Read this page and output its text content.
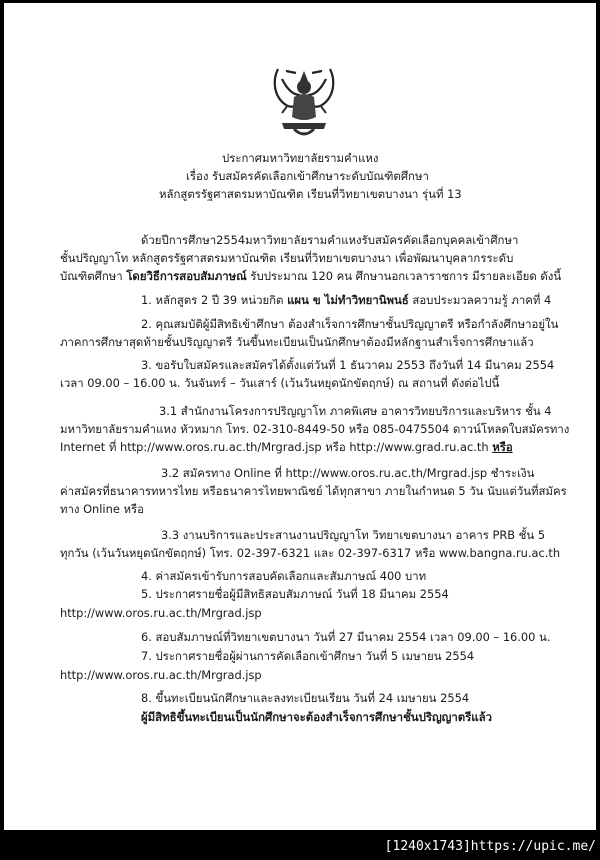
ประกาศมหาวิทยาลัยรามคำแหง
เรื่อง รับสมัครคัดเลือกเข้าศึกษาระดับบัณฑิตศึกษา
หลักสูตรรัฐศาสตรมหาบัณฑิต เรียนที่วิทยาเขตบางนา รุ่นที่ 13
ด้วยปีการศึกษา2554มหาวิทยาลัยรามคำแหงรับสมัครคัดเลือกบุคคลเข้าศึกษา
ชั้นปริญญาโท หลักสูตรรัฐศาสตรมหาบัณฑิต เรียนที่วิทยาเขตบางนา เพื่อพัฒนาบุคลากรระดับ
บัณฑิตศึกษา โดยวิธีการสอบสัมภาษณ์ รับประมาณ 120 คน ศึกษานอกเวลาราชการ มีรายละเอียด ดังนี้
1. หลักสูตร 2 ปี 39 หน่วยกิต แผน ข ไม่ทำวิทยานิพนธ์ สอบประมวลความรู้ ภาคที่ 4
2. คุณสมบัติผู้มีสิทธิเข้าศึกษา ต้องสำเร็จการศึกษาชั้นปริญญาตรี หรือกำลังศึกษาอยู่ใน
ภาคการศึกษาสุดท้ายชั้นปริญญาตรี วันขึ้นทะเบียนเป็นนักศึกษาต้องมีหลักฐานสำเร็จการศึกษาแล้ว
3. ขอรับใบสมัครและสมัครได้ตั้งแต่วันที่ 1 ธันวาคม 2553 ถึงวันที่ 14 มีนาคม 2554
เวลา 09.00 – 16.00 น. วันจันทร์ – วันเสาร์ (เว้นวันหยุดนักขัตฤกษ์) ณ สถานที่ ดังต่อไปนี้
3.1 สำนักงานโครงการปริญญาโท ภาคพิเศษ อาคารวิทยบริการและบริหาร ชั้น 4
มหาวิทยาลัยรามคำแหง หัวหมาก โทร. 02-310-8449-50 หรือ 085-0475504 ดาวน์โหลดใบสมัครทาง
Internet ที่ http://www.oros.ru.ac.th/Mrgrad.jsp หรือ http://www.grad.ru.ac.th หรือ
3.2 สมัครทาง Online ที่ http://www.oros.ru.ac.th/Mrgrad.jsp ชำระเงิน
ค่าสมัครที่ธนาคารทหารไทย หรือธนาคารไทยพาณิชย์ ได้ทุกสาขา ภายในกำหนด 5 วัน นับแต่วันที่สมัคร
ทาง Online หรือ
3.3 งานบริการและประสานงานปริญญาโท วิทยาเขตบางนา อาคาร PRB ชั้น 5
ทุกวัน (เว้นวันหยุดนักขัตฤกษ์) โทร. 02-397-6321 และ 02-397-6317 หรือ www.bangna.ru.ac.th
4. ค่าสมัครเข้ารับการสอบคัดเลือกและสัมภาษณ์ 400 บาท
5. ประกาศรายชื่อผู้มีสิทธิสอบสัมภาษณ์ วันที่ 18 มีนาคม 2554
http://www.oros.ru.ac.th/Mrgrad.jsp
6. สอบสัมภาษณ์ที่วิทยาเขตบางนา วันที่ 27 มีนาคม 2554 เวลา 09.00 – 16.00 น.
7. ประกาศรายชื่อผู้ผ่านการคัดเลือกเข้าศึกษา วันที่ 5 เมษายน 2554
http://www.oros.ru.ac.th/Mrgrad.jsp
8. ขึ้นทะเบียนนักศึกษาและลงทะเบียนเรียน วันที่ 24 เมษายน 2554
ผู้มีสิทธิขึ้นทะเบียนเป็นนักศึกษาจะต้องสำเร็จการศึกษาชั้นปริญญาตรีแล้ว
[1240x1743]https://upic.me/
